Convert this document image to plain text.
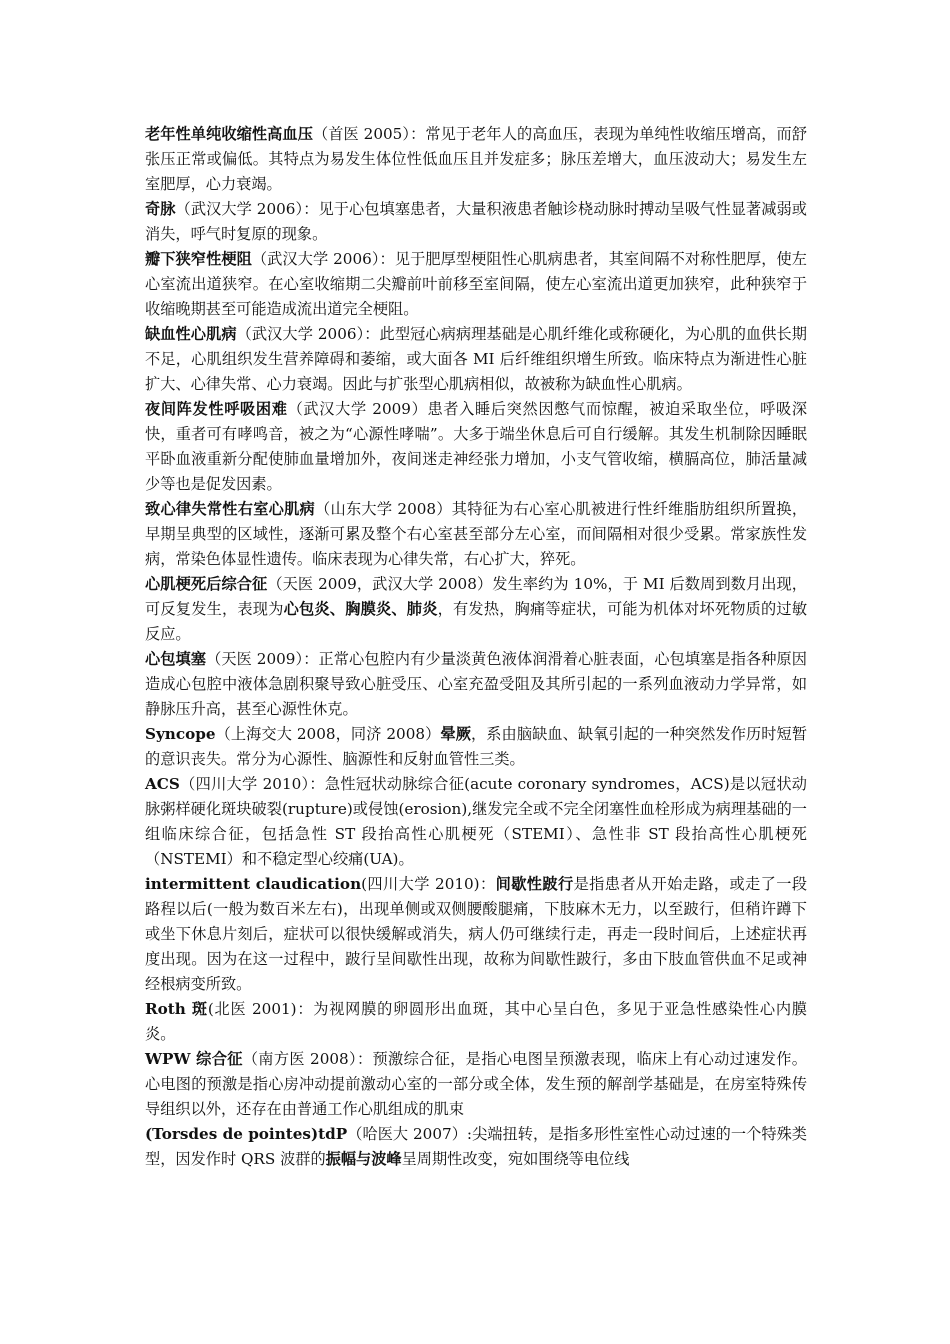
老年性单纯收缩性高血压（首医 2005）：常见于老年人的高血压，表现为单纯性收缩压增高，而舒张压正常或偏低。其特点为易发生体位性低血压且并发症多；脉压差增大，血压波动大；易发生左室肥厚，心力衰竭。

奇脉（武汉大学 2006）：见于心包填塞患者，大量积液患者触诊桡动脉时搏动呈吸气性显著减弱或消失，呼气时复原的现象。

瓣下狭窄性梗阻（武汉大学 2006）：见于肥厚型梗阻性心肌病患者，其室间隔不对称性肥厚，使左心室流出道狭窄。在心室收缩期二尖瓣前叶前移至室间隔，使左心室流出道更加狭窄，此种狭窄于收缩晚期甚至可能造成流出道完全梗阻。

缺血性心肌病（武汉大学 2006）：此型冠心病病理基础是心肌纤维化或称硬化，为心肌的血供长期不足，心肌组织发生营养障碍和萎缩，或大面各 MI 后纤维组织增生所致。临床特点为渐进性心脏扩大、心律失常、心力衰竭。因此与扩张型心肌病相似，故被称为缺血性心肌病。

夜间阵发性呼吸困难（武汉大学 2009）患者入睡后突然因憋气而惊醒，被迫采取坐位，呼吸深快，重者可有哮鸣音，被之为“心源性哮喘”。大多于端坐休息后可自行缓解。其发生机制除因睡眠平卧血液重新分配使肺血量增加外，夜间迷走神经张力增加，小支气管收缩，横膈高位，肺活量减少等也是促发因素。

致心律失常性右室心肌病（山东大学 2008）其特征为右心室心肌被进行性纤维脂肪组织所置换，早期呈典型的区域性，逐渐可累及整个右心室甚至部分左心室，而间隔相对很少受累。常家族性发病，常染色体显性遗传。临床表现为心律失常，右心扩大，猝死。

心肌梗死后综合征（天医 2009，武汉大学 2008）发生率约为 10%，于 MI 后数周到数月出现，可反复发生，表现为心包炎、胸膜炎、肺炎，有发热，胸痛等症状，可能为机体对坏死物质的过敏反应。

心包填塞（天医 2009）：正常心包腔内有少量淡黄色液体润滑着心脏表面，心包填塞是指各种原因造成心包腔中液体急剧积聚导致心脏受压、心室充盈受阻及其所引起的一系列血液动力学异常，如静脉压升高，甚至心源性休克。

Syncope（上海交大 2008，同济 2008）晕厥，系由脑缺血、缺氧引起的一种突然发作历时短暂的意识丧失。常分为心源性、脑源性和反射血管性三类。

ACS（四川大学 2010）：急性冠状动脉综合征(acute coronary syndromes，ACS)是以冠状动脉粥样硬化斑块破裂(rupture)或侵蚀(erosion),继发完全或不完全闭塞性血栓形成为病理基础的一组临床综合征，包括急性 ST 段抬高性心肌梗死（STEMI）、急性非 ST 段抬高性心肌梗死（NSTEMI）和不稳定型心绞痛(UA)。

intermittent claudication(四川大学 2010)：间歇性跛行是指患者从开始走路，或走了一段路程以后(一般为数百米左右)，出现单侧或双侧腰酸腿痛，下肢麻木无力，以至跛行，但稍许蹲下或坐下休息片刻后，症状可以很快缓解或消失，病人仍可继续行走，再走一段时间后，上述症状再度出现。因为在这一过程中，跛行呈间歇性出现，故称为间歇性跛行，多由下肢血管供血不足或神经根病变所致。

Roth 斑(北医 2001)：为视网膜的卵圆形出血斑，其中心呈白色，多见于亚急性感染性心内膜炎。

WPW 综合征（南方医 2008）：预激综合征，是指心电图呈预激表现，临床上有心动过速发作。心电图的预激是指心房冲动提前激动心室的一部分或全体，发生预的解剖学基础是，在房室特殊传导组织以外，还存在由普通工作心肌组成的肌束

(Torsdes de pointes)tdP（哈医大 2007）:尖端扭转，是指多形性室性心动过速的一个特殊类型，因发作时 QRS 波群的振幅与波峰呈周期性改变，宛如围绕等电位线
